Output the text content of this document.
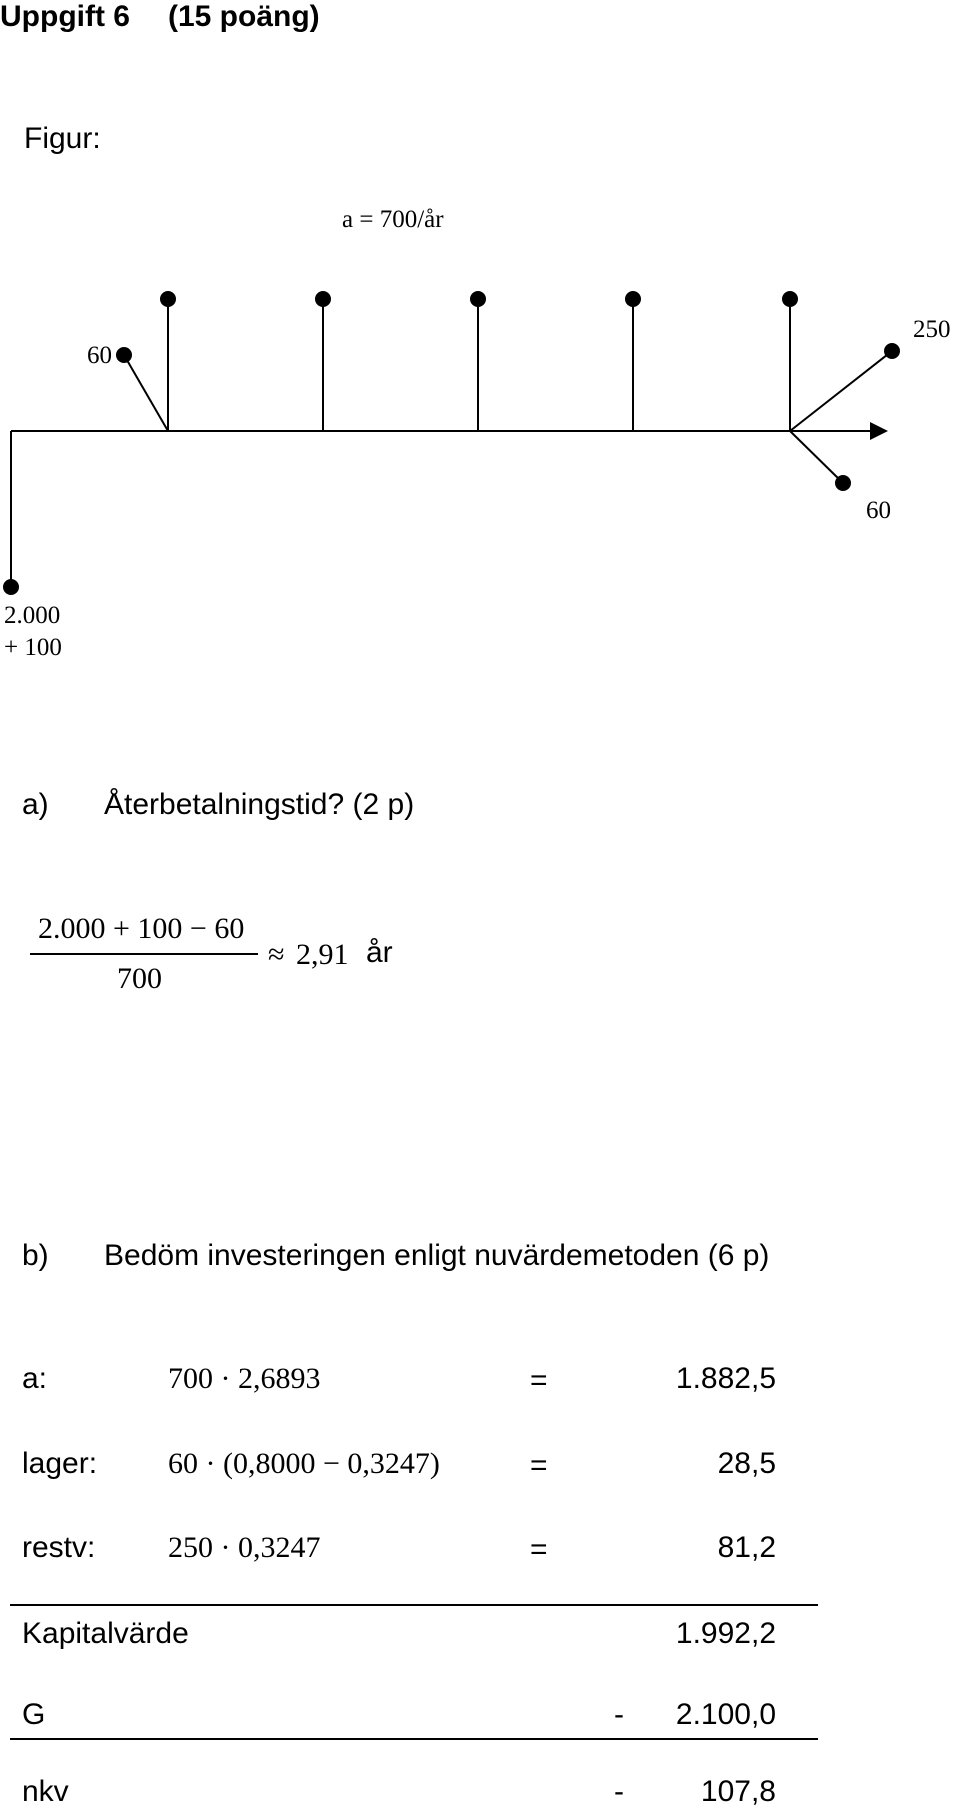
Uppgift 6 (15 poäng)
Figur:
a = 700/år
60
250
60
2.000
+ 100
a) Återbetalningstid? (2 p)
2.000 + 100 − 60
700
≈ 2,91 år
b) Bedöm investeringen enligt nuvärdemetoden (6 p)
a:	700 · 2,6893	=	1.882,5
lager: 60 · (0,8000 − 0,3247)	=	28,5
restv: 250 · 0,3247	=	81,2
Kapitalvärde	1.992,2
G	-	2.100,0
nkv	-	107,8
